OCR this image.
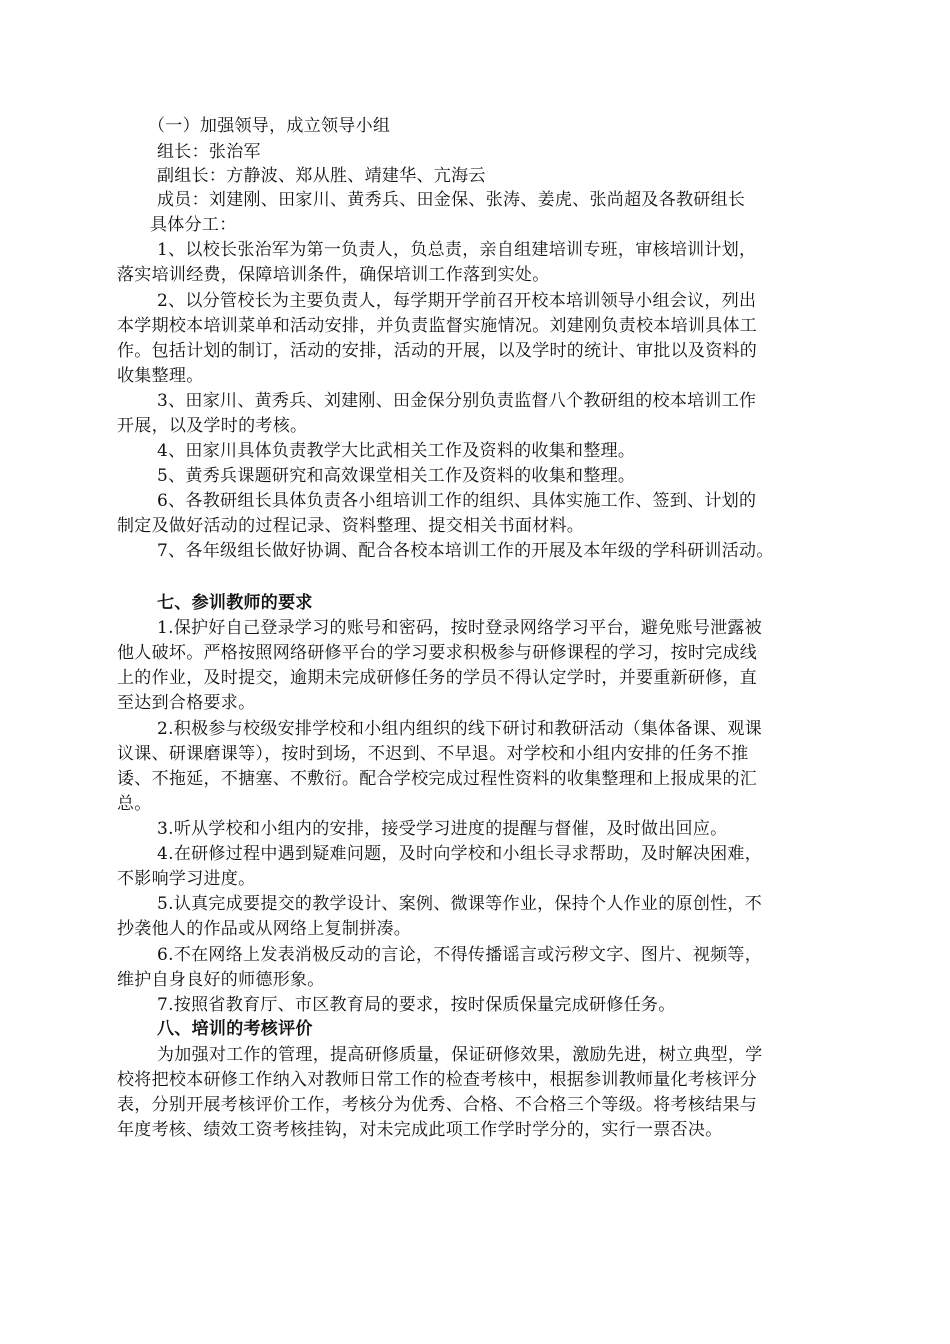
（一）加强领导，成立领导小组
组长：张治军
副组长：方静波、郑从胜、靖建华、亢海云
成员：刘建刚、田家川、黄秀兵、田金保、张涛、姜虎、张尚超及各教研组长
具体分工：
1、以校长张治军为第一负责人，负总责，亲自组建培训专班，审核培训计划，
落实培训经费，保障培训条件，确保培训工作落到实处。
2、以分管校长为主要负责人，每学期开学前召开校本培训领导小组会议，列出
本学期校本培训菜单和活动安排，并负责监督实施情况。刘建刚负责校本培训具体工
作。包括计划的制订，活动的安排，活动的开展，以及学时的统计、审批以及资料的
收集整理。
3、田家川、黄秀兵、刘建刚、田金保分别负责监督八个教研组的校本培训工作
开展，以及学时的考核。
4、田家川具体负责教学大比武相关工作及资料的收集和整理。
5、黄秀兵课题研究和高效课堂相关工作及资料的收集和整理。
6、各教研组长具体负责各小组培训工作的组织、具体实施工作、签到、计划的
制定及做好活动的过程记录、资料整理、提交相关书面材料。
7、各年级组长做好协调、配合各校本培训工作的开展及本年级的学科研训活动。
七、参训教师的要求
1.保护好自己登录学习的账号和密码，按时登录网络学习平台，避免账号泄露被
他人破坏。严格按照网络研修平台的学习要求积极参与研修课程的学习，按时完成线
上的作业，及时提交，逾期未完成研修任务的学员不得认定学时，并要重新研修，直
至达到合格要求。
2.积极参与校级安排学校和小组内组织的线下研讨和教研活动（集体备课、观课
议课、研课磨课等），按时到场，不迟到、不早退。对学校和小组内安排的任务不推
诿、不拖延，不搪塞、不敷衍。配合学校完成过程性资料的收集整理和上报成果的汇
总。
3.听从学校和小组内的安排，接受学习进度的提醒与督催，及时做出回应。
4.在研修过程中遇到疑难问题，及时向学校和小组长寻求帮助，及时解决困难，
不影响学习进度。
5.认真完成要提交的教学设计、案例、微课等作业，保持个人作业的原创性，不
抄袭他人的作品或从网络上复制拼凑。
6.不在网络上发表消极反动的言论，不得传播谣言或污秽文字、图片、视频等，
维护自身良好的师德形象。
7.按照省教育厅、市区教育局的要求，按时保质保量完成研修任务。
八、培训的考核评价
为加强对工作的管理，提高研修质量，保证研修效果，激励先进，树立典型，学
校将把校本研修工作纳入对教师日常工作的检查考核中，根据参训教师量化考核评分
表，分别开展考核评价工作，考核分为优秀、合格、不合格三个等级。将考核结果与
年度考核、绩效工资考核挂钩，对未完成此项工作学时学分的，实行一票否决。
